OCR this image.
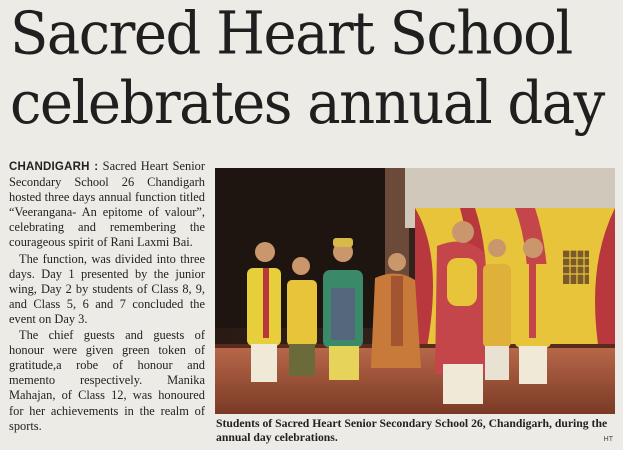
Sacred Heart School
celebrates annual day

CHANDIGARH : Sacred Heart Senior Secondary School 26 Chandigarh hosted three days annual function titled “Veerangana- An epitome of valour”, celebrating and remembering the courageous spirit of Rani Laxmi Bai.

The function, was divided into three days. Day 1 presented by the junior wing, Day 2 by students of Class 8, 9, and Class 5, 6 and 7 concluded the event on Day 3.

The chief guests and guests of honour were given green token of gratitude,a robe of honour and memento respectively. Manika Mahajan, of Class 12, was honoured for her achievements in the realm of sports.	Students of Sacred Heart Senior Secondary School 26, Chandigarh, during the annual day celebrations.	HT
